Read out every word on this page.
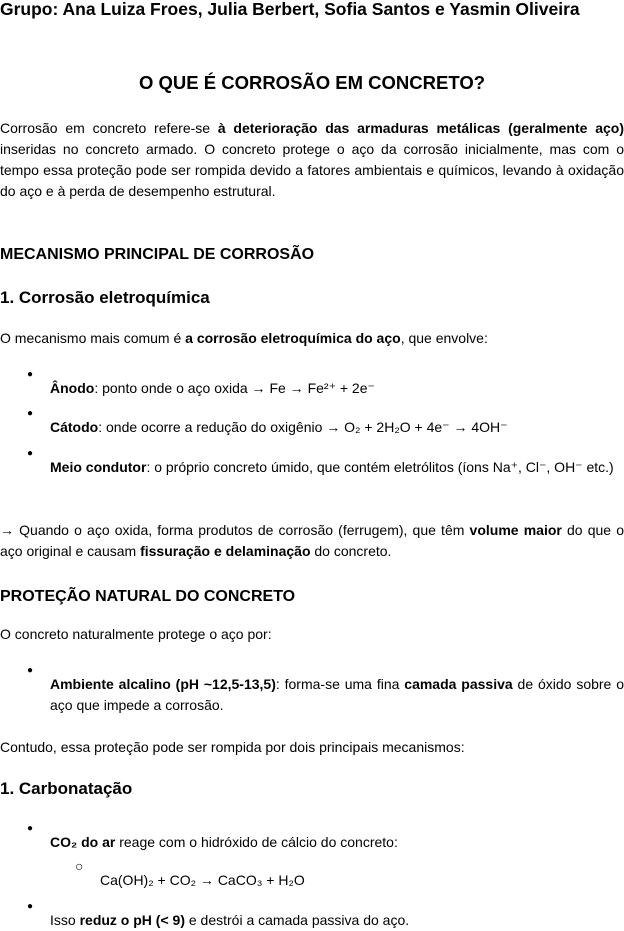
Grupo: Ana Luiza Froes, Julia Berbert, Sofia Santos e Yasmin Oliveira

O QUE É CORROSÃO EM CONCRETO?

Corrosão em concreto refere-se à deterioração das armaduras metálicas (geralmente aço) inseridas no concreto armado. O concreto protege o aço da corrosão inicialmente, mas com o tempo essa proteção pode ser rompida devido a fatores ambientais e químicos, levando à oxidação do aço e à perda de desempenho estrutural.

MECANISMO PRINCIPAL DE CORROSÃO

1. Corrosão eletroquímica

O mecanismo mais comum é a corrosão eletroquímica do aço, que envolve:

●

Ânodo: ponto onde o aço oxida → Fe → Fe²⁺ + 2e⁻

●

Cátodo: onde ocorre a redução do oxigênio → O₂ + 2H₂O + 4e⁻ → 4OH⁻

●

Meio condutor: o próprio concreto úmido, que contém eletrólitos (íons Na⁺, Cl⁻, OH⁻ etc.)

→ Quando o aço oxida, forma produtos de corrosão (ferrugem), que têm volume maior do que o aço original e causam fissuração e delaminação do concreto.

PROTEÇÃO NATURAL DO CONCRETO

O concreto naturalmente protege o aço por:

●

Ambiente alcalino (pH ~12,5-13,5): forma-se uma fina camada passiva de óxido sobre o aço que impede a corrosão.

Contudo, essa proteção pode ser rompida por dois principais mecanismos:

1. Carbonatação

●

CO₂ do ar reage com o hidróxido de cálcio do concreto:

○

Ca(OH)₂ + CO₂ → CaCO₃ + H₂O

●

Isso reduz o pH (< 9) e destrói a camada passiva do aço.
